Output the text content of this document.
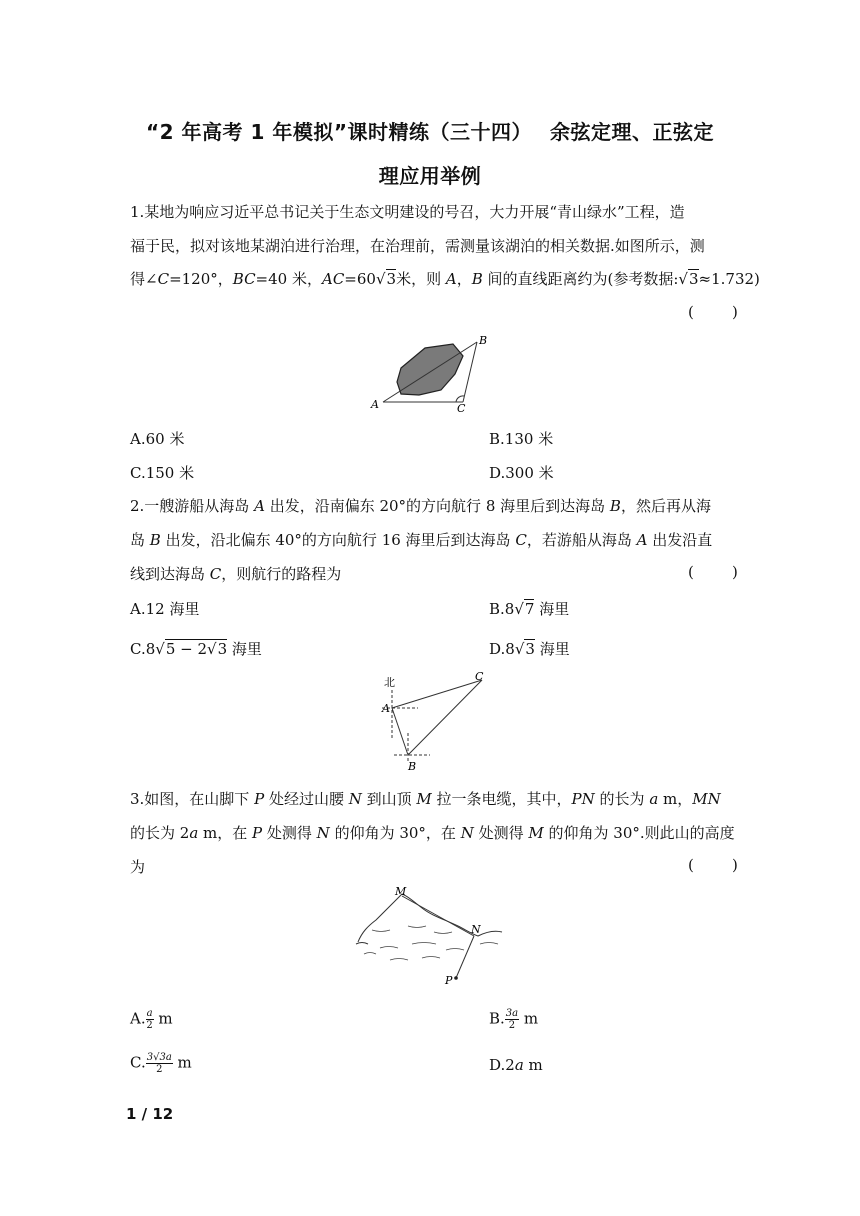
“2 年高考 1 年模拟”课时精练（三十四）　 余弦定理、正弦定
理应用举例
1.某地为响应习近平总书记关于生态文明建设的号召，大力开展“青山绿水”工程，造
福于民，拟对该地某湖泊进行治理，在治理前，需测量该湖泊的相关数据.如图所示，测
得∠C=120°，BC=40 米，AC=60√3米，则 A，B 间的直线距离约为(参考数据:√3≈1.732)
(        )
A
B
C
A.60 米	B.130 米
C.150 米	D.300 米
2.一艘游船从海岛 A 出发，沿南偏东 20°的方向航行 8 海里后到达海岛 B，然后再从海
岛 B 出发，沿北偏东 40°的方向航行 16 海里后到达海岛 C，若游船从海岛 A 出发沿直
线到达海岛 C，则航行的路程为	(        )
A.12 海里	B.8√7 海里
C.8√5 − 2√3 海里	D.8√3 海里
北
A
B
C
3.如图，在山脚下 P 处经过山腰 N 到山顶 M 拉一条电缆，其中，PN 的长为 a m，MN
的长为 2a m，在 P 处测得 N 的仰角为 30°，在 N 处测得 M 的仰角为 30°.则此山的高度
为	(        )
M
N
P
A. $\frac{a}{2}$ m	B. $\frac{3a}{2}$ m
C. $\frac{3√3a}{2}$ m	D.2a m
1 / 12
